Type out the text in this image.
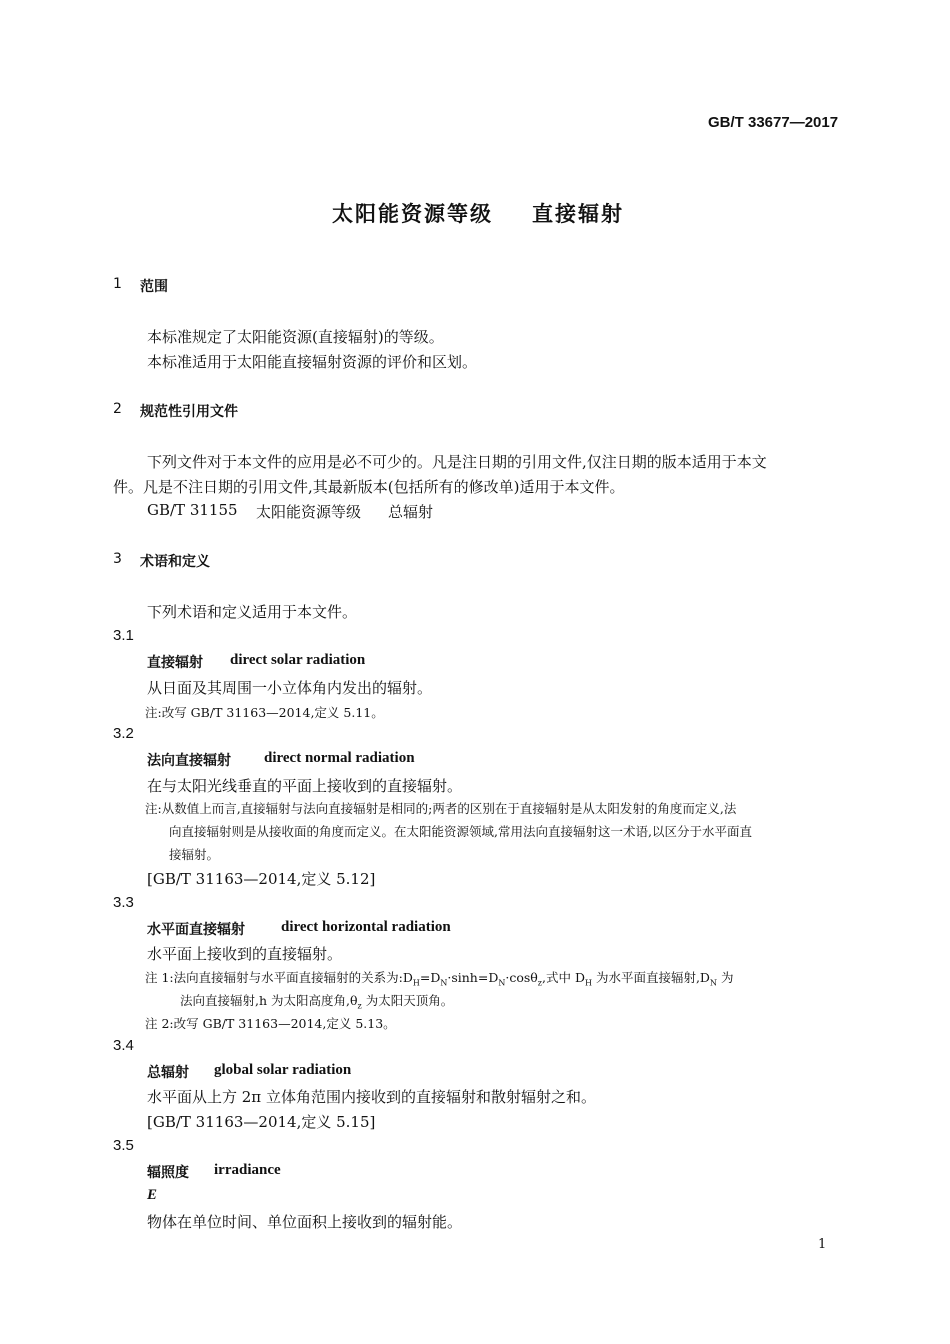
GB/T 33677—2017
太阳能资源等级 直接辐射
1 范围
本标准规定了太阳能资源(直接辐射)的等级。
本标准适用于太阳能直接辐射资源的评价和区划。
2 规范性引用文件
下列文件对于本文件的应用是必不可少的。凡是注日期的引用文件,仅注日期的版本适用于本文
件。凡是不注日期的引用文件,其最新版本(包括所有的修改单)适用于本文件。
GB/T 31155 太阳能资源等级 总辐射
3 术语和定义
下列术语和定义适用于本文件。
3.1
直接辐射 direct solar radiation
从日面及其周围一小立体角内发出的辐射。
注:改写 GB/T 31163—2014,定义 5.11。
3.2
法向直接辐射 direct normal radiation
在与太阳光线垂直的平面上接收到的直接辐射。
注:从数值上而言,直接辐射与法向直接辐射是相同的;两者的区别在于直接辐射是从太阳发射的角度而定义,法
向直接辐射则是从接收面的角度而定义。在太阳能资源领域,常用法向直接辐射这一术语,以区分于水平面直
接辐射。
[GB/T 31163—2014,定义 5.12]
3.3
水平面直接辐射 direct horizontal radiation
水平面上接收到的直接辐射。
注 1:法向直接辐射与水平面直接辐射的关系为$:D_H=D_N\cdot\sinh=D_N\cdot\cos\theta_z$,式中 $D_H$ 为水平面直接辐射$,D_N$ 为
法向直接辐射,h 为太阳高度角$,\theta_z$ 为太阳天顶角。
注 2:改写 GB/T 31163—2014,定义 5.13。
3.4
总辐射 global solar radiation
水平面从上方 2π 立体角范围内接收到的直接辐射和散射辐射之和。
[GB/T 31163—2014,定义 5.15]
3.5
辐照度 irradiance
E
物体在单位时间、单位面积上接收到的辐射能。
1
